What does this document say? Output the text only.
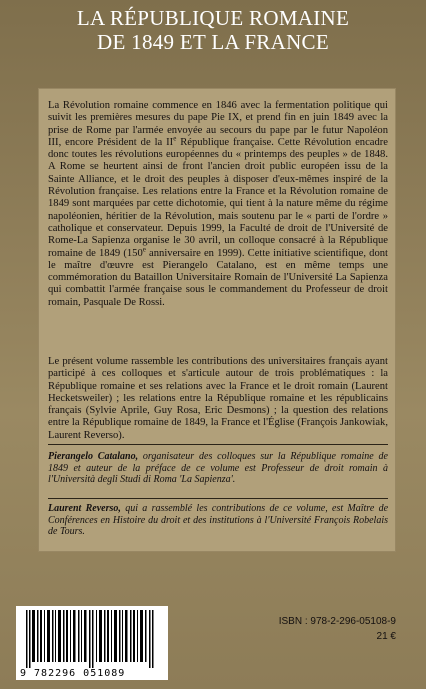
LA RÉPUBLIQUE ROMAINE
DE 1849 ET LA FRANCE
La Révolution romaine commence en 1846 avec la fermentation politique qui suivit les premières mesures du pape Pie IX, et prend fin en juin 1849 avec la prise de Rome par l'armée envoyée au secours du pape par le futur Napoléon III, encore Président de la IIe République française. Cette Révolution encadre donc toutes les révolutions européennes du « printemps des peuples » de 1848. A Rome se heurtent ainsi de front l'ancien droit public européen issu de la Sainte Alliance, et le droit des peuples à disposer d'eux-mêmes inspiré de la Révolution française. Les relations entre la France et la Révolution romaine de 1849 sont marquées par cette dichotomie, qui tient à la nature même du régime napoléonien, héritier de la Révolution, mais soutenu par le « parti de l'ordre » catholique et conservateur. Depuis 1999, la Faculté de droit de l'Université de Rome-La Sapienza organise le 30 avril, un colloque consacré à la République romaine de 1849 (150e anniversaire en 1999). Cette initiative scientifique, dont le maître d'œuvre est Pierangelo Catalano, est en même temps une commémoration du Bataillon Universitaire Romain de l'Université La Sapienza qui combattit l'armée française sous le commandement du Professeur de droit romain, Pasquale De Rossi.
Le présent volume rassemble les contributions des universitaires français ayant participé à ces colloques et s'articule autour de trois problématiques : la République romaine et ses relations avec la France et le droit romain (Laurent Hecketsweiler) ; les relations entre la République romaine et les républicains français (Sylvie Aprile, Guy Rosa, Eric Desmons) ; la question des relations entre la République romaine de 1849, la France et l'Église (François Jankowiak, Laurent Reverso).
Pierangelo Catalano, organisateur des colloques sur la République romaine de 1849 et auteur de la préface de ce volume est Professeur de droit romain à l'Università degli Studi di Roma 'La Sapienza'.
Laurent Reverso, qui a rassemblé les contributions de ce volume, est Maître de Conférences en Histoire du droit et des institutions à l'Université François Robelais de Tours.
9 782296 051089
ISBN : 978-2-296-05108-9
21 €
